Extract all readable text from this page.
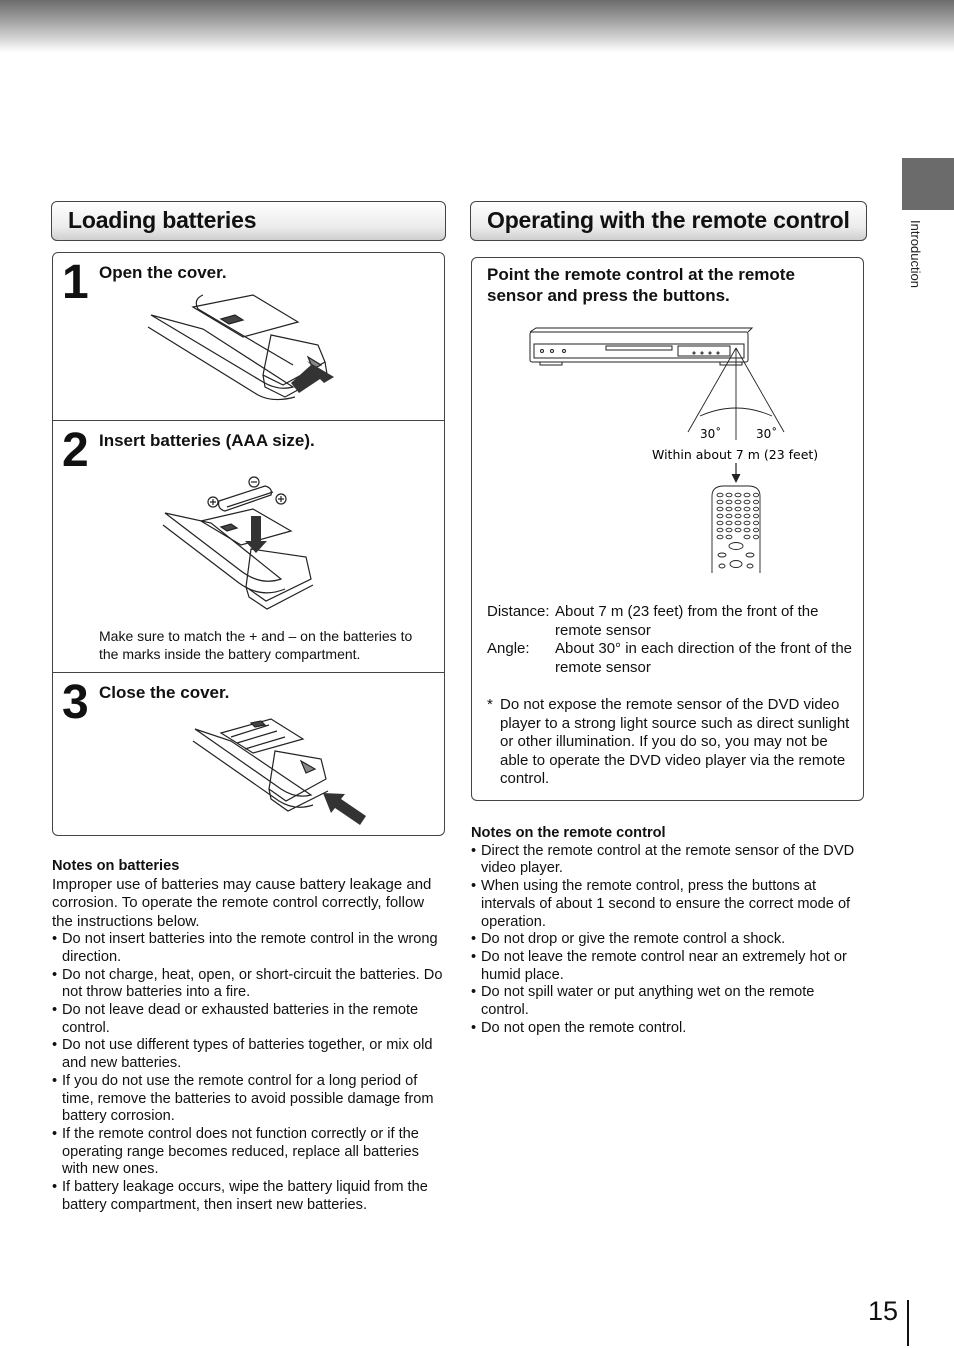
Introduction
Loading batteries
1 Open the cover.
2 Insert batteries (AAA size).
Make sure to match the + and – on the batteries to the marks inside the battery compartment.
3 Close the cover.
Notes on batteries

Improper use of batteries may cause battery leakage and corrosion. To operate the remote control correctly, follow the instructions below.

• Do not insert batteries into the remote control in the wrong direction.
• Do not charge, heat, open, or short-circuit the batteries. Do not throw batteries into a fire.
• Do not leave dead or exhausted batteries in the remote control.
• Do not use different types of batteries together, or mix old and new batteries.
• If you do not use the remote control for a long period of time, remove the batteries to avoid possible damage from battery corrosion.
• If the remote control does not function correctly or if the operating range becomes reduced, replace all batteries with new ones.
• If battery leakage occurs, wipe the battery liquid from the battery compartment, then insert new batteries.
Operating with the remote control
Point the remote control at the remote sensor and press the buttons.
30˚	30˚
Within about 7 m (23 feet)
Distance: About 7 m (23 feet) from the front of the remote sensor
Angle:	About 30° in each direction of the front of the remote sensor
* Do not expose the remote sensor of the DVD video player to a strong light source such as direct sunlight or other illumination. If you do so, you may not be able to operate the DVD video player via the remote control.
Notes on the remote control
• Direct the remote control at the remote sensor of the DVD video player.
• When using the remote control, press the buttons at intervals of about 1 second to ensure the correct mode of operation.
• Do not drop or give the remote control a shock.
• Do not leave the remote control near an extremely hot or humid place.
• Do not spill water or put anything wet on the remote control.
• Do not open the remote control.
15
